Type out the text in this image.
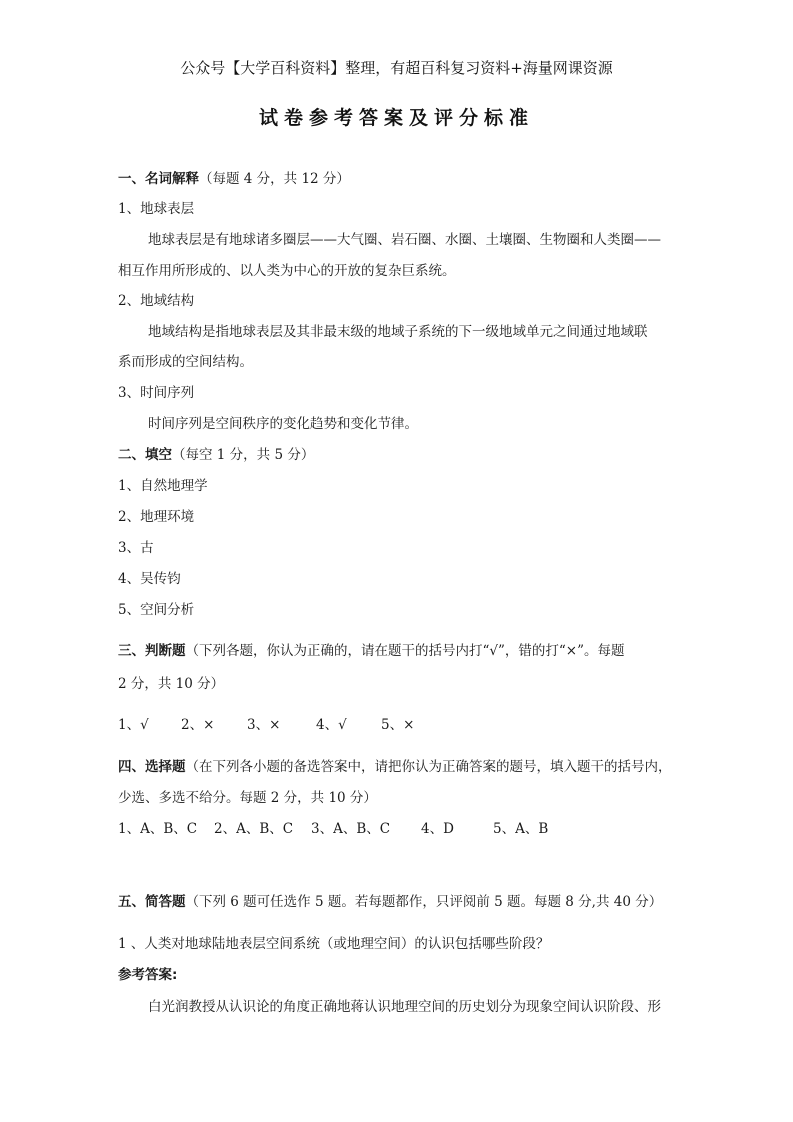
公众号【大学百科资料】整理，有超百科复习资料+海量网课资源
试卷参考答案及评分标准
一、名词解释（每题 4 分，共 12 分）
1、地球表层
地球表层是有地球诸多圈层——大气圈、岩石圈、水圈、土壤圈、生物圈和人类圈——
相互作用所形成的、以人类为中心的开放的复杂巨系统。
2、地域结构
地域结构是指地球表层及其非最末级的地域子系统的下一级地域单元之间通过地域联
系而形成的空间结构。
3、时间序列
时间序列是空间秩序的变化趋势和变化节律。
二、填空（每空 1 分，共 5 分）
1、自然地理学
2、地理环境
3、古
4、吴传钧
5、空间分析
三、判断题（下列各题，你认为正确的，请在题干的括号内打“√”，错的打“×”。每题
2 分，共 10 分）
1、√ 2、× 3、×	4、√	5、×
四、选择题（在下列各小题的备选答案中，请把你认为正确答案的题号，填入题干的括号内，
少选、多选不给分。每题 2 分，共 10 分）
1、A、B、C 2、A、B、C 3、A、B、C 4、D	5、A、B
五、简答题（下列 6 题可任选作 5 题。若每题都作，只评阅前 5 题。每题 8 分,共 40 分）
1 、人类对地球陆地表层空间系统（或地理空间）的认识包括哪些阶段？
参考答案:
白光润教授从认识论的角度正确地蒋认识地理空间的历史划分为现象空间认识阶段、形
